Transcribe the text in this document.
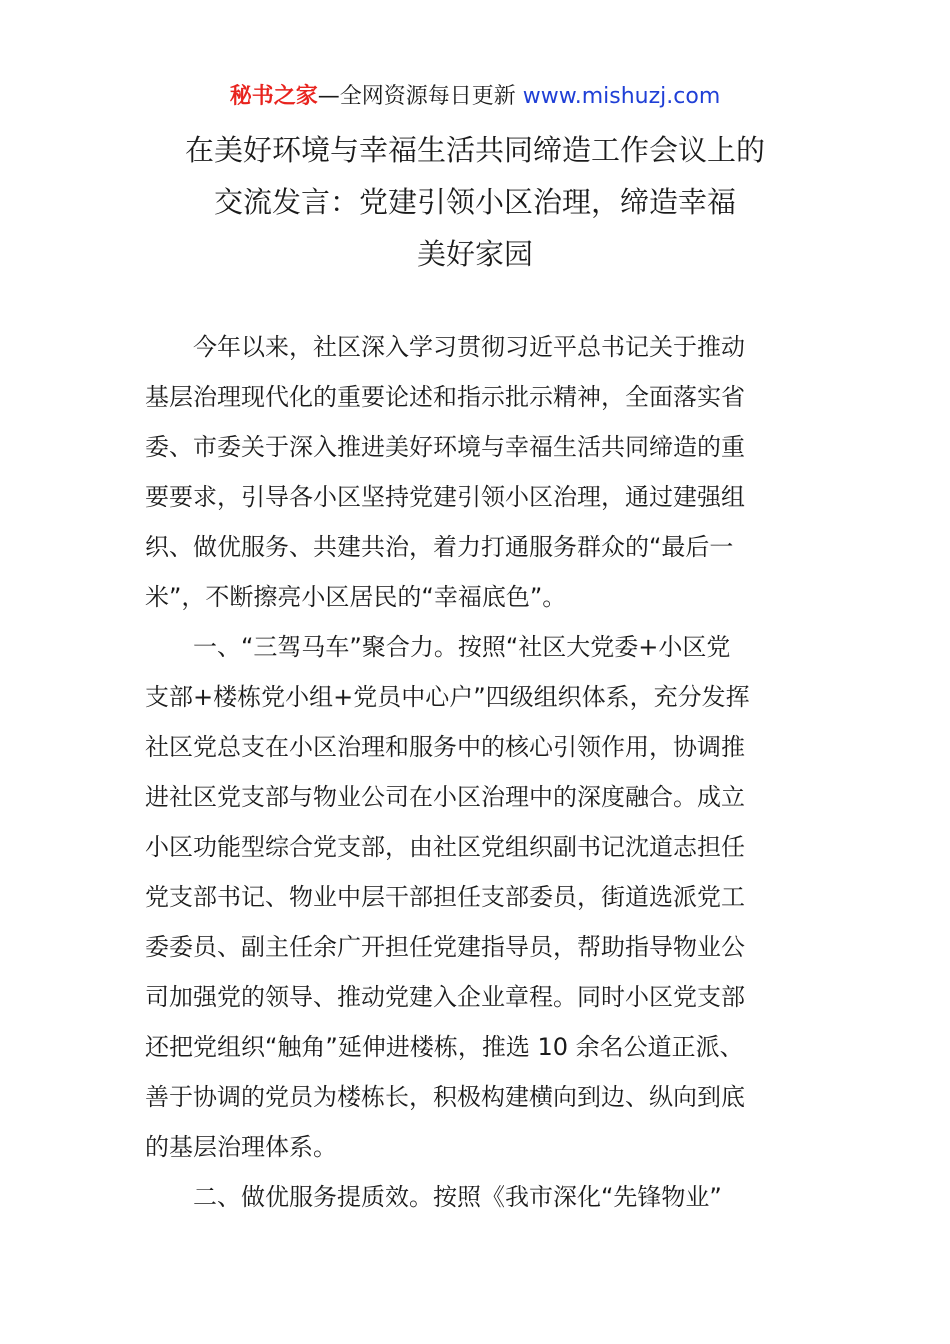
秘书之家—全网资源每日更新 www.mishuzj.com
在美好环境与幸福生活共同缔造工作会议上的
交流发言：党建引领小区治理，缔造幸福
美好家园
今年以来，社区深入学习贯彻习近平总书记关于推动
基层治理现代化的重要论述和指示批示精神，全面落实省
委、市委关于深入推进美好环境与幸福生活共同缔造的重
要要求，引导各小区坚持党建引领小区治理，通过建强组
织、做优服务、共建共治，着力打通服务群众的“最后一
米”，不断擦亮小区居民的“幸福底色”。
一、“三驾马车”聚合力。按照“社区大党委+小区党
支部+楼栋党小组+党员中心户”四级组织体系，充分发挥
社区党总支在小区治理和服务中的核心引领作用，协调推
进社区党支部与物业公司在小区治理中的深度融合。成立
小区功能型综合党支部，由社区党组织副书记沈道志担任
党支部书记、物业中层干部担任支部委员，街道选派党工
委委员、副主任余广开担任党建指导员，帮助指导物业公
司加强党的领导、推动党建入企业章程。同时小区党支部
还把党组织“触角”延伸进楼栋，推选 10 余名公道正派、
善于协调的党员为楼栋长，积极构建横向到边、纵向到底
的基层治理体系。
二、做优服务提质效。按照《我市深化“先锋物业”
